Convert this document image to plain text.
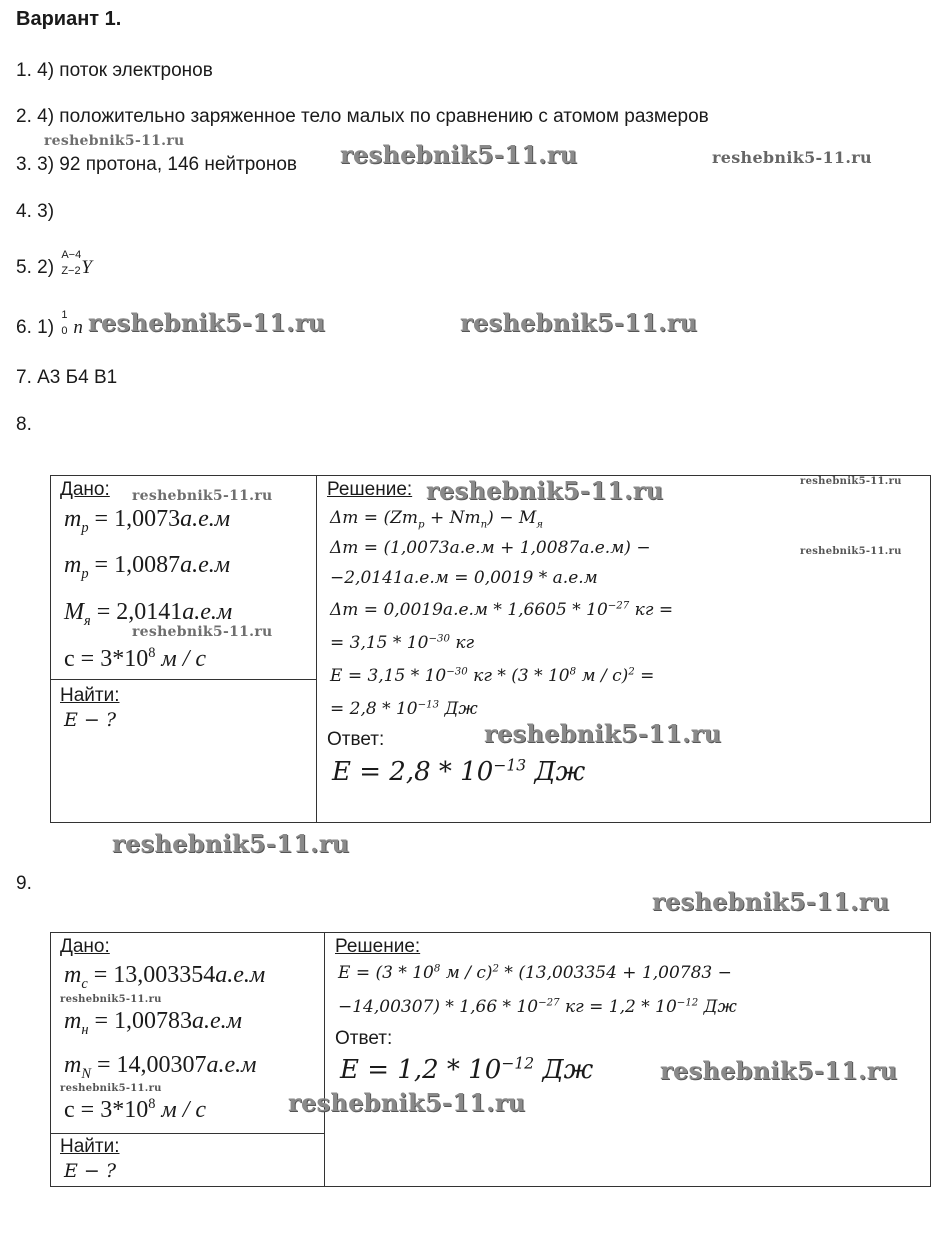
Вариант 1.
1. 4) поток электронов
2. 4) положительно заряженное тело малых по сравнению с атомом размеров
3. 3) 92 протона, 146 нейтронов
4. 3)
5. 2)
A−4
Z−2 Y
6. 1)
1
0 n
7. А3 Б4 В1
8.
9.
Дано:
$m_p = 1,0073а.е.м$
$m_p = 1,0087а.е.м$
$M_я = 2,0141а.е.м$
$c = 3*10^8$ м / с
Найти:
E − ?
Решение:
$\Delta m = (Zm_p + Nm_n) - M_я$
Δm = (1,0073а.е.м + 1,0087а.е.м) −
−2,0141а.е.м = 0,0019 * а.е.м
$\Delta m = 0,0019а.е.м * 1,6605 * 10^{-27}$ кг =
= $3,15 * 10^{-30}$ кг
$E = 3,15 * 10^{-30}$ кг * ($3 * 10^8$ м / с)$^2$ =
= $2,8 * 10^{-13}$ Дж
Ответ:
$E = 2,8 * 10^{-13}$ Дж
Дано:
$m_c = 13,003354а.е.м$
$m_н = 1,00783а.е.м$
$m_N = 14,00307а.е.м$
$c = 3*10^8$ м / с
Найти:
E − ?
Решение:
$E = (3 * 10^8$ м / с)$^2$ * (13,003354 + 1,00783 −
$-14,00307) * 1,66 * 10^{-27}$ кг = $1,2 * 10^{-12}$ Дж
Ответ:
$E = 1,2 * 10^{-12}$ Дж
reshebnik5-11.ru	reshebnik5-11.ru	reshebnik5-11.ru
reshebnik5-11.ru	reshebnik5-11.ru
reshebnik5-11.ru	reshebnik5-11.ru	reshebnik5-11.ru
reshebnik5-11.ru
reshebnik5-11.ru
reshebnik5-11.ru
reshebnik5-11.ru
reshebnik5-11.ru
reshebnik5-11.ru
reshebnik5-11.ru	reshebnik5-11.ru
reshebnik5-11.ru
